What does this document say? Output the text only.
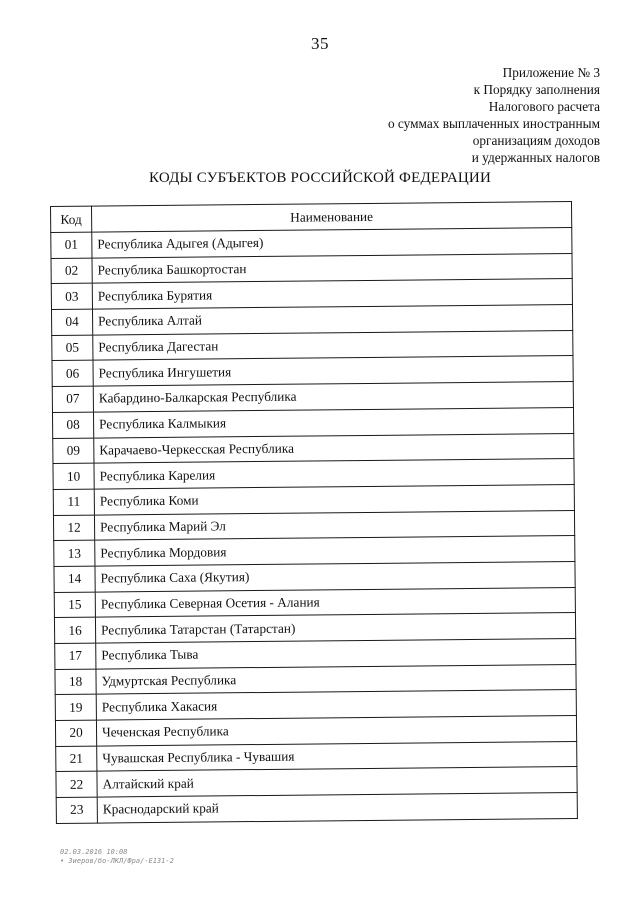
35
Приложение № 3
к Порядку заполнения
Налогового расчета
о суммах выплаченных иностранным
организациям доходов
и удержанных налогов
КОДЫ СУБЪЕКТОВ РОССИЙСКОЙ ФЕДЕРАЦИИ
Код	Наименование
01	Республика Адыгея (Адыгея)
02	Республика Башкортостан
03	Республика Бурятия
04	Республика Алтай
05	Республика Дагестан
06	Республика Ингушетия
07	Кабардино-Балкарская Республика
08	Республика Калмыкия
09	Карачаево-Черкесская Республика
10	Республика Карелия
11	Республика Коми
12	Республика Марий Эл
13	Республика Мордовия
14	Республика Саха (Якутия)
15	Республика Северная Осетия - Алания
16	Республика Татарстан (Татарстан)
17	Республика Тыва
18	Удмуртская Республика
19	Республика Хакасия
20	Чеченская Республика
21	Чувашская Республика - Чувашия
22	Алтайский край
23	Краснодарский край
02.03.2016 10:08
• Зиеров/бо-ЛКЛ/Фра/-Е131-2
